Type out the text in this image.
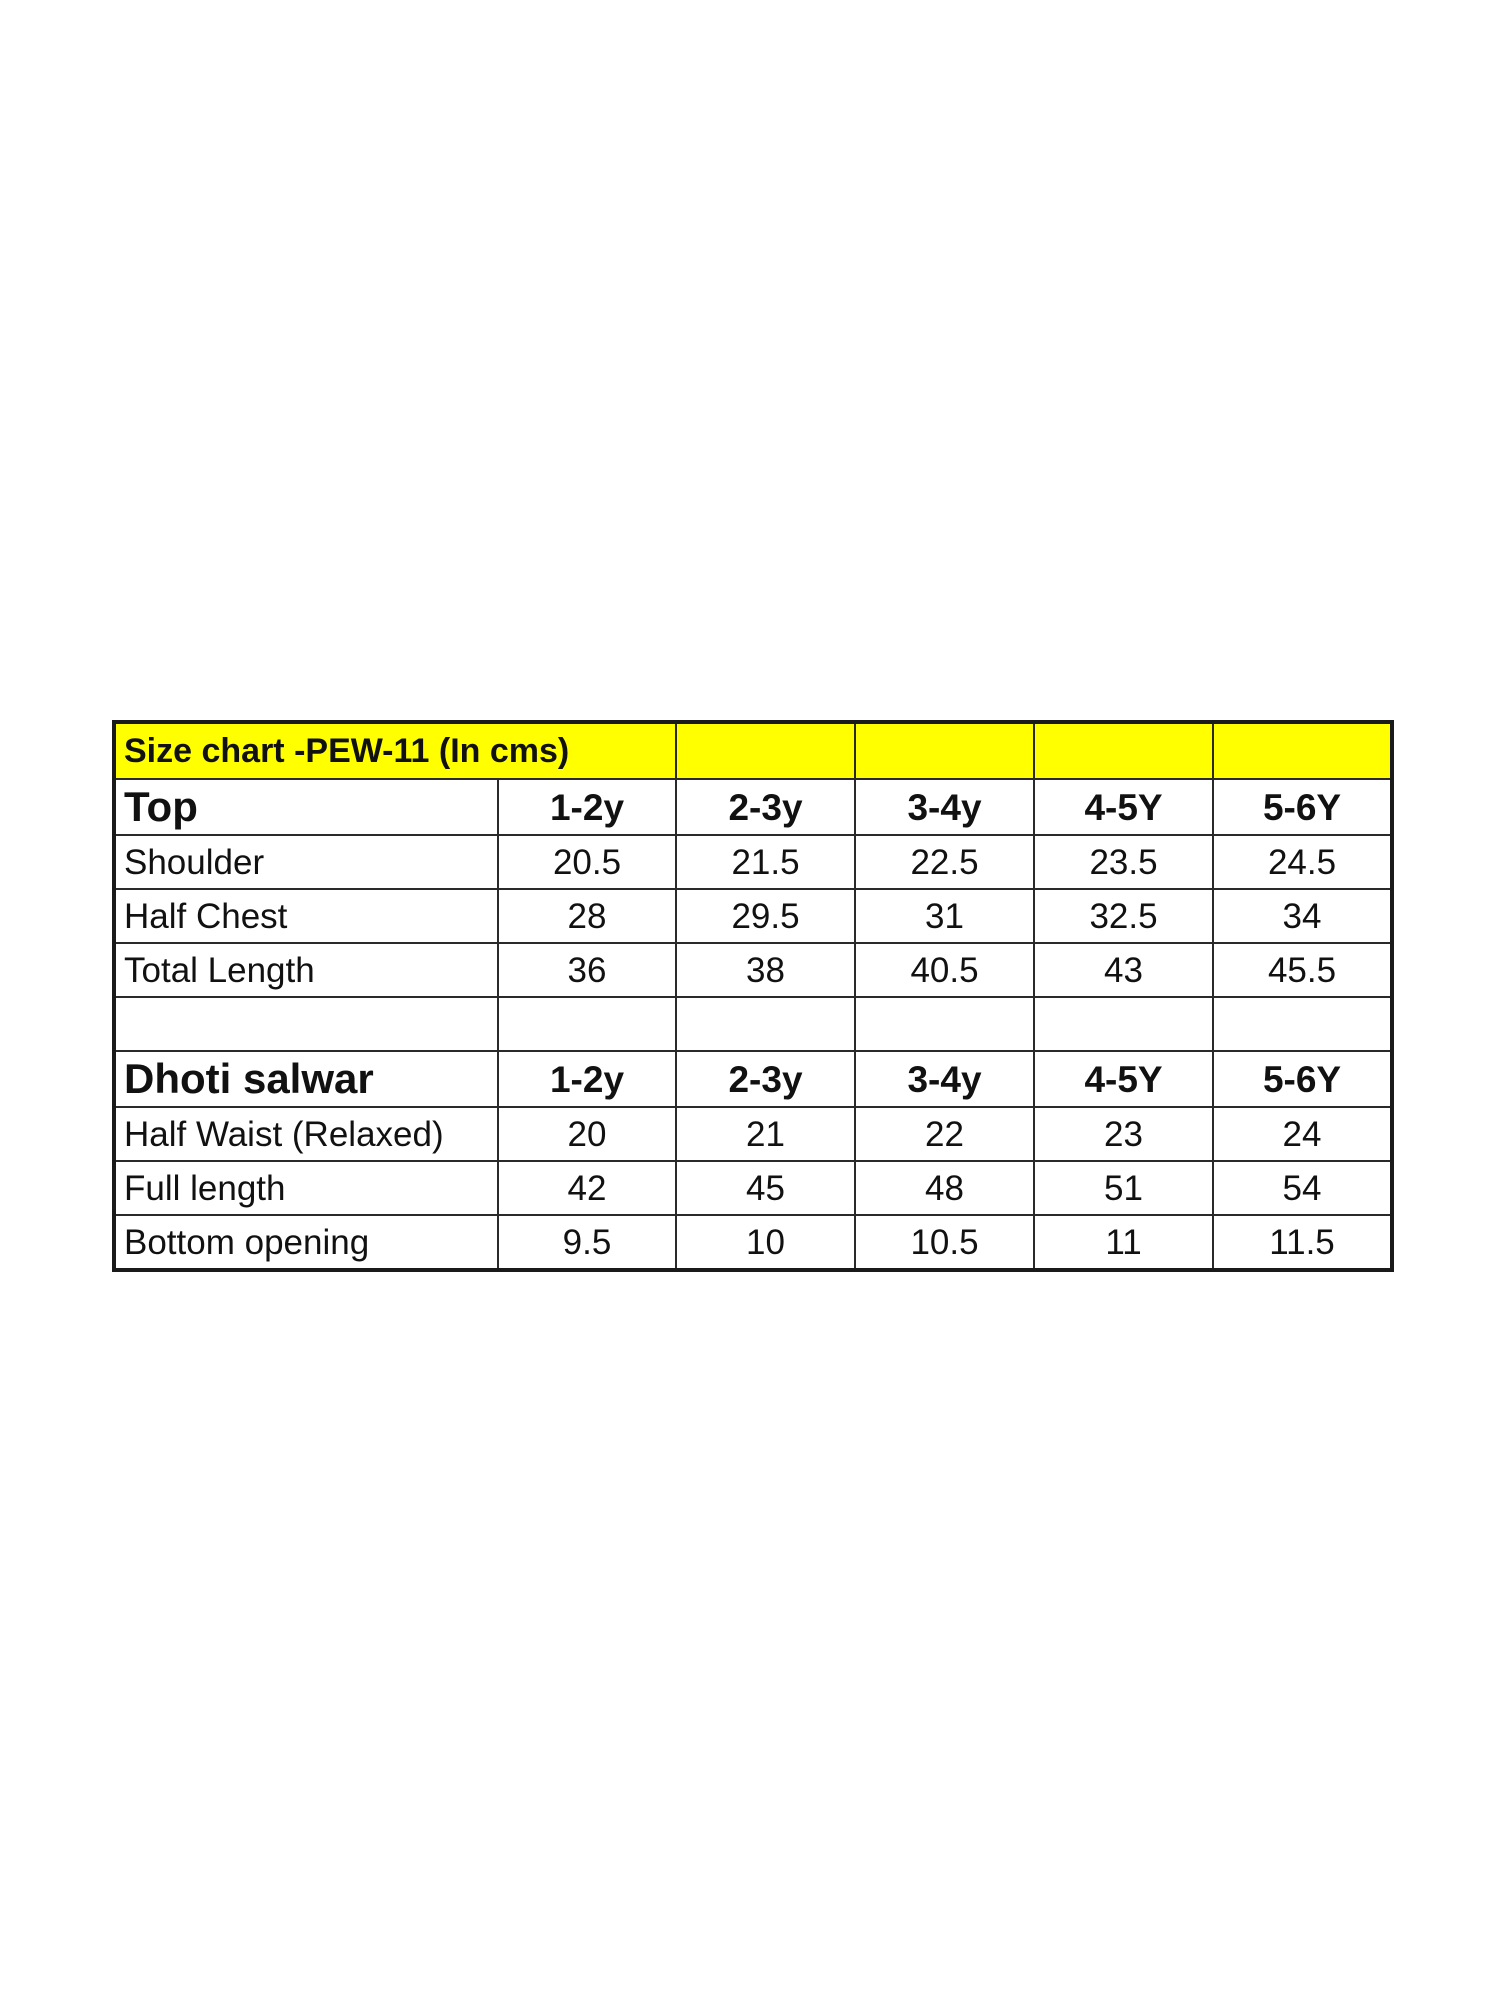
Size chart -PEW-11 (In cms)					
Top	1-2y	2-3y	3-4y	4-5Y	5-6Y
Shoulder	20.5	21.5	22.5	23.5	24.5
Half Chest	28	29.5	31	32.5	34
Total Length	36	38	40.5	43	45.5

Dhoti salwar	1-2y	2-3y	3-4y	4-5Y	5-6Y
Half Waist (Relaxed)	20	21	22	23	24
Full length	42	45	48	51	54
Bottom opening	9.5	10	10.5	11	11.5
